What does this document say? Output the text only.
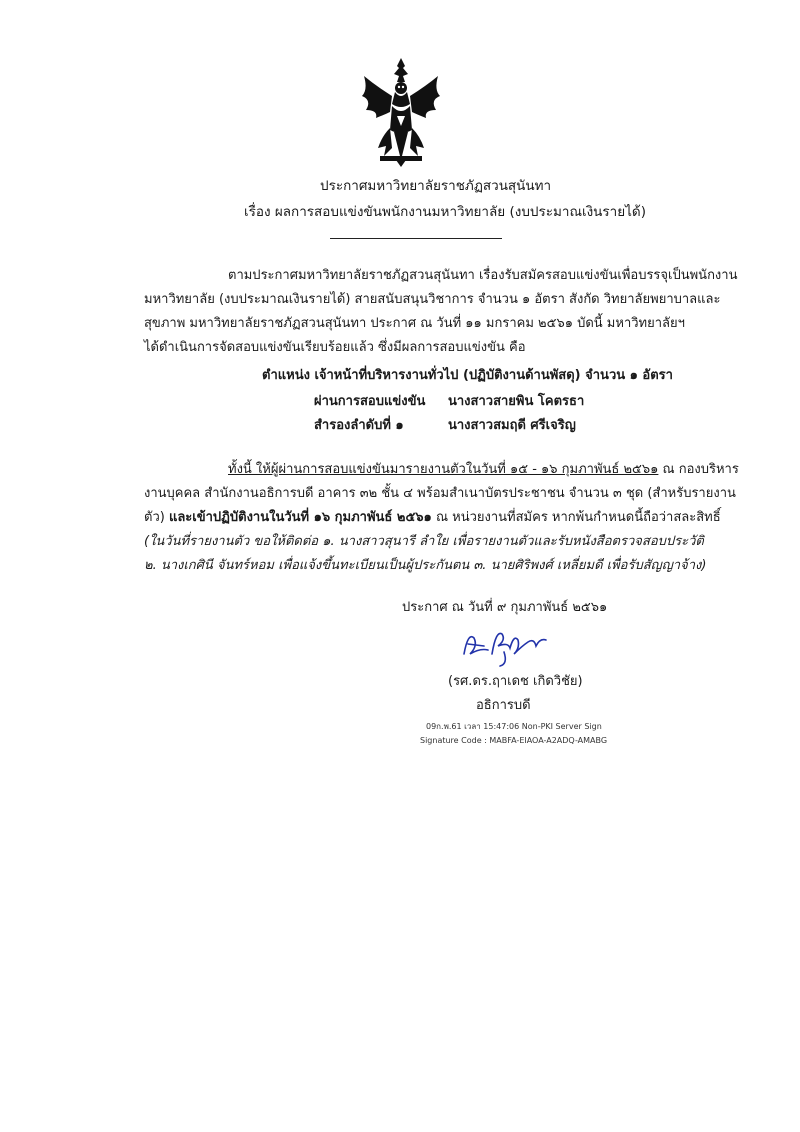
ประกาศมหาวิทยาลัยราชภัฏสวนสุนันทา
เรื่อง ผลการสอบแข่งขันพนักงานมหาวิทยาลัย (งบประมาณเงินรายได้)
ตามประกาศมหาวิทยาลัยราชภัฏสวนสุนันทา เรื่องรับสมัครสอบแข่งขันเพื่อบรรจุเป็นพนักงาน
มหาวิทยาลัย (งบประมาณเงินรายได้) สายสนับสนุนวิชาการ จำนวน ๑ อัตรา สังกัด วิทยาลัยพยาบาลและ
สุขภาพ มหาวิทยาลัยราชภัฏสวนสุนันทา ประกาศ ณ วันที่ ๑๑ มกราคม ๒๕๖๑ บัดนี้ มหาวิทยาลัยฯ
ได้ดำเนินการจัดสอบแข่งขันเรียบร้อยแล้ว ซึ่งมีผลการสอบแข่งขัน คือ
ตำแหน่ง เจ้าหน้าที่บริหารงานทั่วไป (ปฏิบัติงานด้านพัสดุ) จำนวน ๑ อัตรา
ผ่านการสอบแข่งขัน นางสาวสายพิน โคตรธา
สำรองลำดับที่ ๑	นางสาวสมฤดี ศรีเจริญ
ทั้งนี้ ให้ผู้ผ่านการสอบแข่งขันมารายงานตัวในวันที่ ๑๕ - ๑๖ กุมภาพันธ์ ๒๕๖๑ ณ กองบริหาร
งานบุคคล สำนักงานอธิการบดี อาคาร ๓๒ ชั้น ๔ พร้อมสำเนาบัตรประชาชน จำนวน ๓ ชุด (สำหรับรายงาน
ตัว) และเข้าปฏิบัติงานในวันที่ ๑๖ กุมภาพันธ์ ๒๕๖๑ ณ หน่วยงานที่สมัคร หากพ้นกำหนดนี้ถือว่าสละสิทธิ์
(ในวันที่รายงานตัว ขอให้ติดต่อ ๑. นางสาวสุนารี ลำใย เพื่อรายงานตัวและรับหนังสือตรวจสอบประวัติ
๒. นางเกศินี จันทร์หอม เพื่อแจ้งขึ้นทะเบียนเป็นผู้ประกันตน ๓. นายศิริพงศ์ เหลี่ยมดี เพื่อรับสัญญาจ้าง)
ประกาศ ณ วันที่ ๙ กุมภาพันธ์ ๒๕๖๑
(รศ.ดร.ฤาเดช เกิดวิชัย)
อธิการบดี
09ก.พ.61 เวลา 15:47:06 Non-PKI Server Sign
Signature Code : MABFA-EIAOA-A2ADQ-AMABG
